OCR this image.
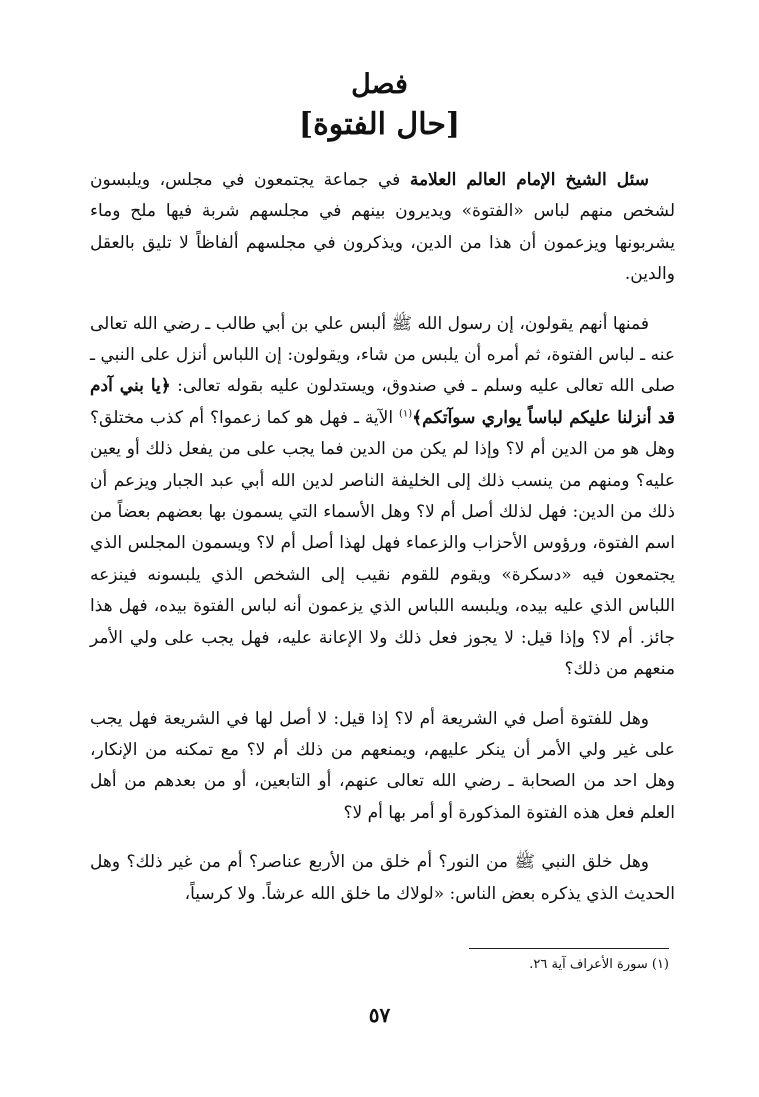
فصل
[حال الفتوة]

سئل الشيخ الإمام العالم العلامة في جماعة يجتمعون في مجلس، ويلبسون لشخص منهم لباس «الفتوة» ويديرون بينهم في مجلسهم شربة فيها ملح وماء يشربونها ويزعمون أن هذا من الدين، ويذكرون في مجلسهم ألفاظاً لا تليق بالعقل والدين.

فمنها أنهم يقولون، إن رسول الله ﷺ ألبس علي بن أبي طالب ـ رضي الله تعالى عنه ـ لباس الفتوة، ثم أمره أن يلبس من شاء، ويقولون: إن اللباس أنزل على النبي ـ صلى الله تعالى عليه وسلم ـ في صندوق، ويستدلون عليه بقوله تعالى: ﴿يا بني آدم قد أنزلنا عليكم لباساً يواري سوآتكم﴾$^{(١)}$ الآية ـ فهل هو كما زعموا؟ أم كذب مختلق؟ وهل هو من الدين أم لا؟ وإذا لم يكن من الدين فما يجب على من يفعل ذلك أو يعين عليه؟ ومنهم من ينسب ذلك إلى الخليفة الناصر لدين الله أبي عبد الجبار ويزعم أن ذلك من الدين: فهل لذلك أصل أم لا؟ وهل الأسماء التي يسمون بها بعضهم بعضاً من اسم الفتوة، ورؤوس الأحزاب والزعماء فهل لهذا أصل أم لا؟ ويسمون المجلس الذي يجتمعون فيه «دسكرة» ويقوم للقوم نقيب إلى الشخص الذي يلبسونه فينزعه اللباس الذي عليه بيده، ويلبسه اللباس الذي يزعمون أنه لباس الفتوة بيده، فهل هذا جائز. أم لا؟ وإذا قيل: لا يجوز فعل ذلك ولا الإعانة عليه، فهل يجب على ولي الأمر منعهم من ذلك؟

وهل للفتوة أصل في الشريعة أم لا؟ إذا قيل: لا أصل لها في الشريعة فهل يجب على غير ولي الأمر أن ينكر عليهم، ويمنعهم من ذلك أم لا؟ مع تمكنه من الإنكار، وهل احد من الصحابة ـ رضي الله تعالى عنهم، أو التابعين، أو من بعدهم من أهل العلم فعل هذه الفتوة المذكورة أو أمر بها أم لا؟

وهل خلق النبي ﷺ من النور؟ أم خلق من الأربع عناصر؟ أم من غير ذلك؟ وهل الحديث الذي يذكره بعض الناس: «لولاك ما خلق الله عرشاً. ولا كرسياً،

(١) سورة الأعراف آية ٢٦.
٥٧
